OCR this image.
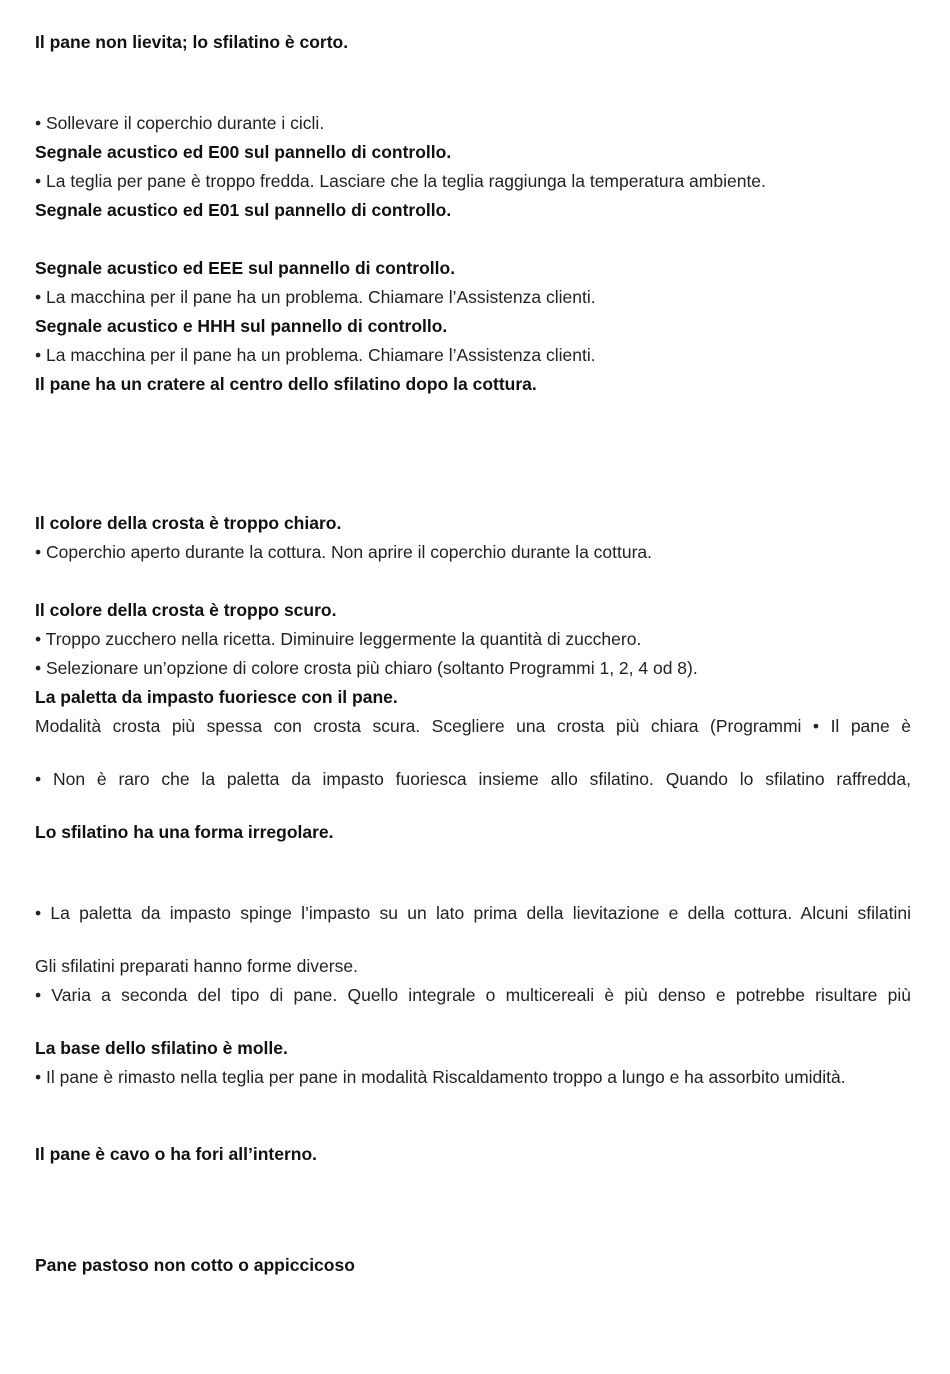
Il pane non lievita; lo sfilatino è corto.
• Sollevare il coperchio durante i cicli.
Segnale acustico ed E00 sul pannello di controllo.
• La teglia per pane è troppo fredda. Lasciare che la teglia raggiunga la temperatura ambiente.
Segnale acustico ed E01 sul pannello di controllo.
Segnale acustico ed EEE sul pannello di controllo.
• La macchina per il pane ha un problema. Chiamare l’Assistenza clienti.
Segnale acustico e HHH sul pannello di controllo.
• La macchina per il pane ha un problema. Chiamare l’Assistenza clienti.
Il pane ha un cratere al centro dello sfilatino dopo la cottura.
Il colore della crosta è troppo chiaro.
• Coperchio aperto durante la cottura. Non aprire il coperchio durante la cottura.
Il colore della crosta è troppo scuro.
• Troppo zucchero nella ricetta. Diminuire leggermente la quantità di zucchero.
• Selezionare un’opzione di colore crosta più chiaro (soltanto Programmi 1, 2, 4 od 8).
La paletta da impasto fuoriesce con il pane.
Modalità crosta più spessa con crosta scura. Scegliere una crosta più chiara (Programmi • Il pane è
• Non è raro che la paletta da impasto fuoriesca insieme allo sfilatino. Quando lo sfilatino raffredda,
Lo sfilatino ha una forma irregolare.
• La paletta da impasto spinge l’impasto su un lato prima della lievitazione e della cottura. Alcuni sfilatini
Gli sfilatini preparati hanno forme diverse.
• Varia a seconda del tipo di pane. Quello integrale o multicereali è più denso e potrebbe risultare più
La base dello sfilatino è molle.
• Il pane è rimasto nella teglia per pane in modalità Riscaldamento troppo a lungo e ha assorbito umidità.
Il pane è cavo o ha fori all’interno.
Pane pastoso non cotto o appiccicoso
